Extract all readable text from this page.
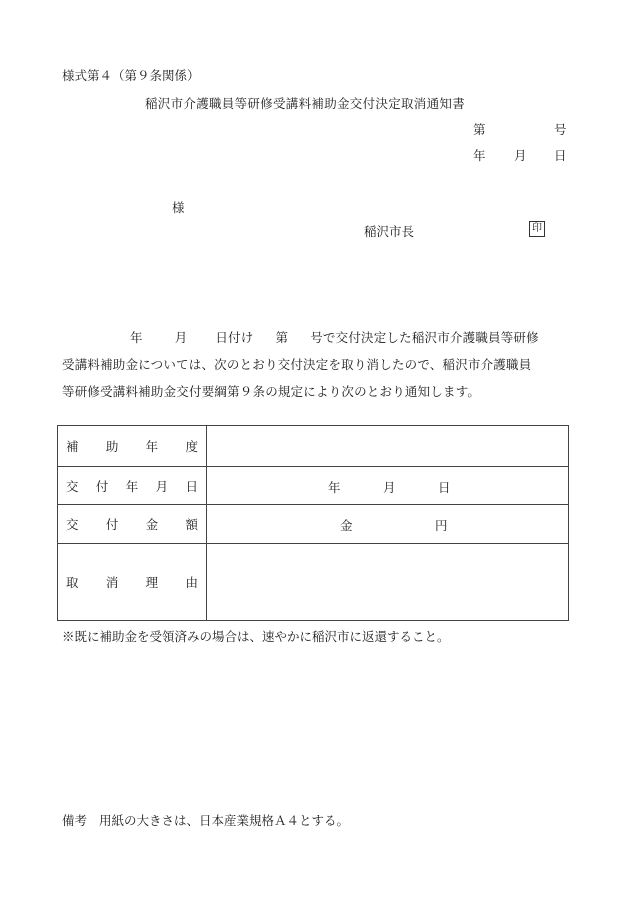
様式第４（第９条関係）
稲沢市介護職員等研修受講料補助金交付決定取消通知書
第	号
年 月 日
様
稲沢市長	印
年	月 日付け 第 号で交付決定した稲沢市介護職員等研修
受講料補助金については、次のとおり交付決定を取り消したので、稲沢市介護職員
等研修受講料補助金交付要綱第９条の規定により次のとおり通知します。
補 助 年 度	

交 付 年 月 日	年 月 日

交 付 金 額	金 円

取 消 理 由	

※既に補助金を受領済みの場合は、速やかに稲沢市に返還すること。
備考 用紙の大きさは、日本産業規格Ａ４とする。
